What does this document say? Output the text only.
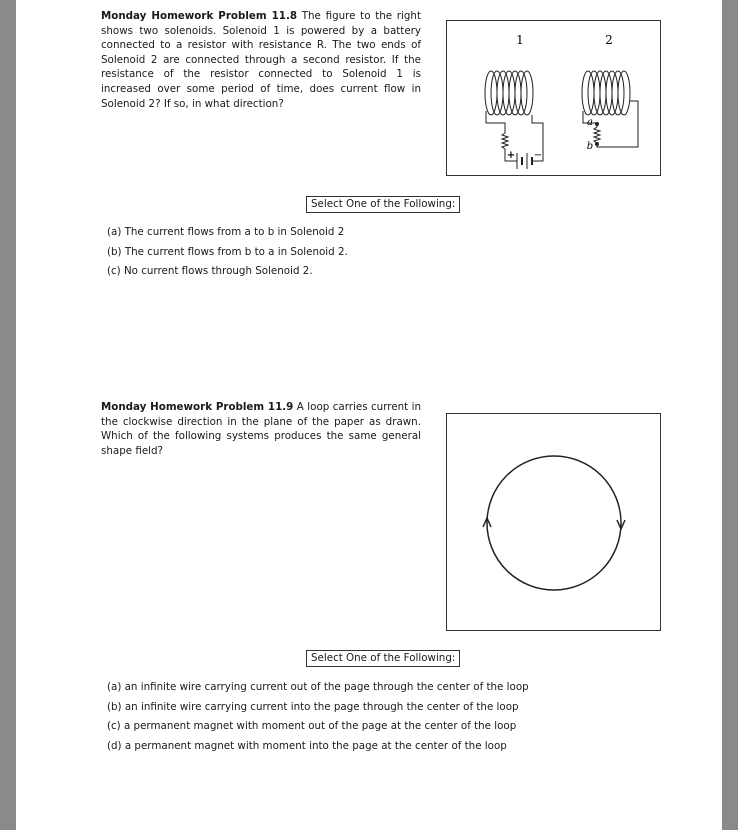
Monday Homework Problem 11.8 The figure to the right shows two solenoids. Solenoid 1 is powered by a battery connected to a resistor with resistance R. The two ends of Solenoid 2 are connected through a second resistor. If the resistance of the resistor connected to Solenoid 1 is increased over some period of time, does current flow in Solenoid 2? If so, in what direction?
1	2
a
b
+ −
Select One of the Following:
(a) The current flows from a to b in Solenoid 2
(b) The current flows from b to a in Solenoid 2.
(c) No current flows through Solenoid 2.
Monday Homework Problem 11.9 A loop carries current in the clockwise direction in the plane of the paper as drawn. Which of the following systems produces the same general shape field?
Select One of the Following:
(a) an infinite wire carrying current out of the page through the center of the loop
(b) an infinite wire carrying current into the page through the center of the loop
(c) a permanent magnet with moment out of the page at the center of the loop
(d) a permanent magnet with moment into the page at the center of the loop
